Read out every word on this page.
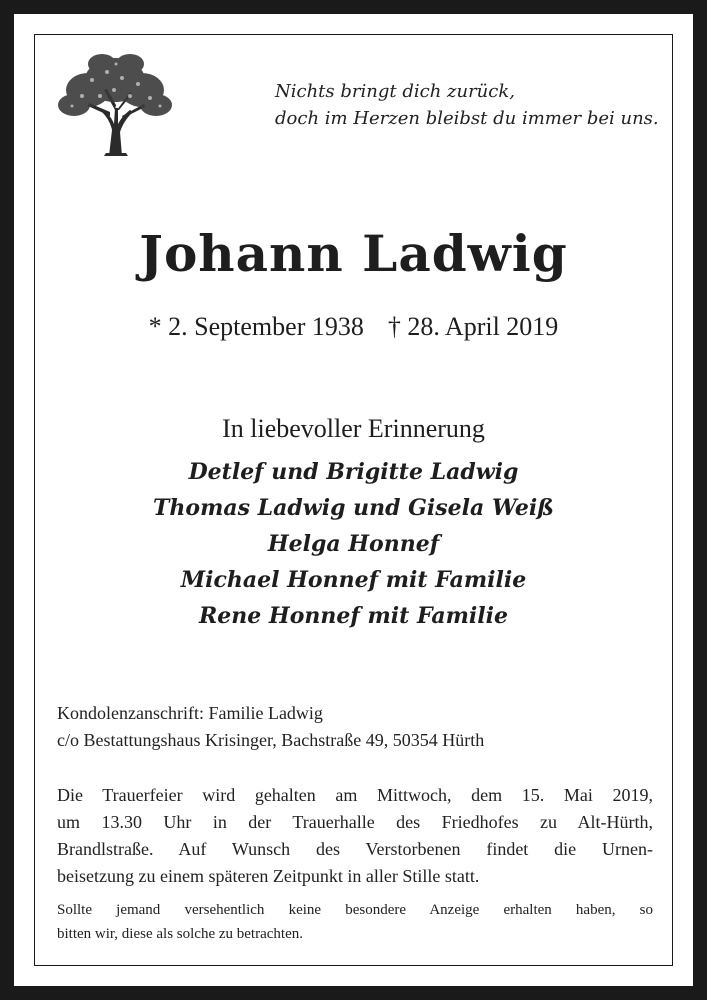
Nichts bringt dich zurück,
doch im Herzen bleibst du immer bei uns.
Johann Ladwig
* 2. September 1938 † 28. April 2019
In liebevoller Erinnerung
Detlef und Brigitte Ladwig
Thomas Ladwig und Gisela Weiß
Helga Honnef
Michael Honnef mit Familie
Rene Honnef mit Familie
Kondolenzanschrift: Familie Ladwig
c/o Bestattungshaus Krisinger, Bachstraße 49, 50354 Hürth
Die Trauerfeier wird gehalten am Mittwoch, dem 15. Mai 2019,
um 13.30 Uhr in der Trauerhalle des Friedhofes zu Alt-Hürth,
Brandlstraße. Auf Wunsch des Verstorbenen findet die Urnen-
beisetzung zu einem späteren Zeitpunkt in aller Stille statt.
Sollte jemand versehentlich keine besondere Anzeige erhalten haben, so
bitten wir, diese als solche zu betrachten.
